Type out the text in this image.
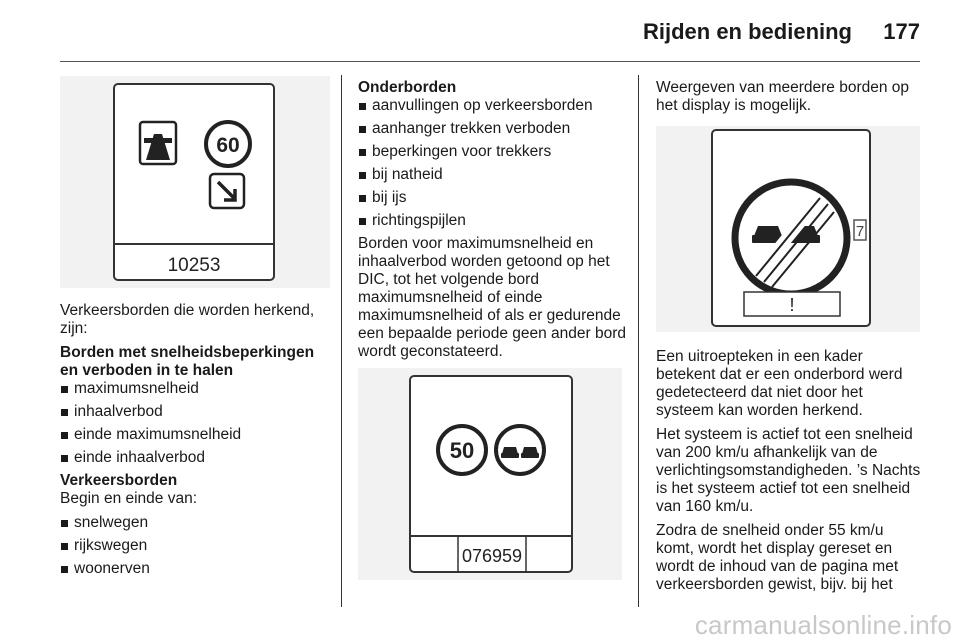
Rijden en bediening 177
60
10253

Verkeersborden die worden herkend, zijn:

Borden met snelheidsbeperkingen en verboden in te halen
maximumsnelheid
inhaalverbod
einde maximumsnelheid
einde inhaalverbod
Verkeersborden

Begin en einde van:

snelwegen
rijkswegen
woonerven
Onderborden
aanvullingen op verkeersborden
aanhanger trekken verboden
beperkingen voor trekkers
bij natheid
bij ijs
richtingspijlen

Borden voor maximumsnelheid en inhaalverbod worden getoond op het DIC, tot het volgende bord maximumsnelheid of einde maximumsnelheid of als er gedurende een bepaalde periode geen ander bord wordt geconstateerd.

50
076959

Weergeven van meerdere borden op het display is mogelijk.

7
!

Een uitroepteken in een kader betekent dat er een onderbord werd gedetecteerd dat niet door het systeem kan worden herkend.

Het systeem is actief tot een snelheid van 200 km/u afhankelijk van de verlichtingsomstandigheden. ’s Nachts is het systeem actief tot een snelheid van 160 km/u.

Zodra de snelheid onder 55 km/u komt, wordt het display gereset en wordt de inhoud van de pagina met verkeersborden gewist, bijv. bij het

carmanualsonline.info
